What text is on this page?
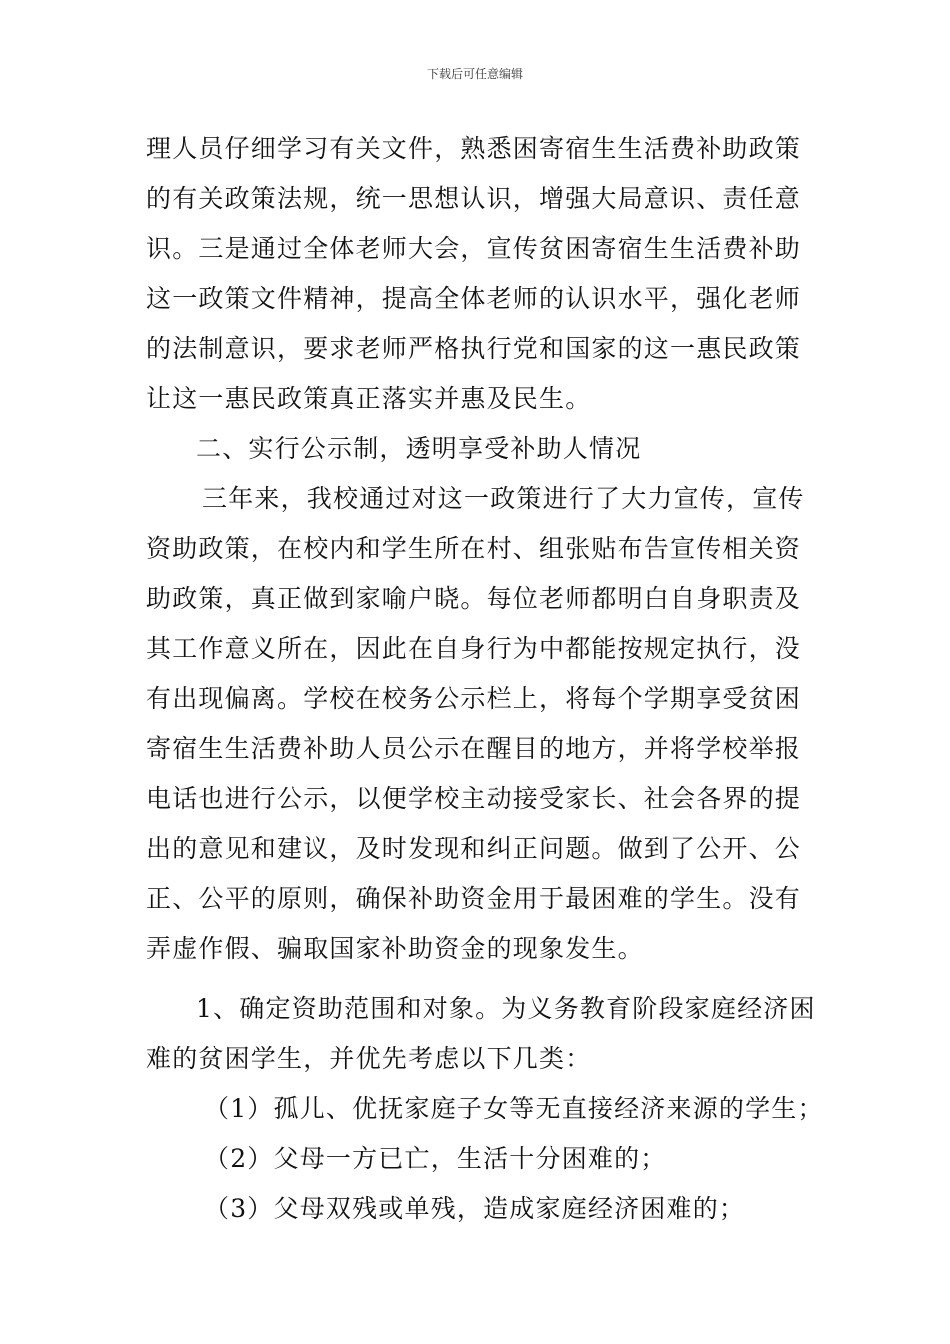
下载后可任意编辑
理人员仔细学习有关文件，熟悉困寄宿生生活费补助政策
的有关政策法规，统一思想认识，增强大局意识、责任意
识。三是通过全体老师大会，宣传贫困寄宿生生活费补助
这一政策文件精神，提高全体老师的认识水平，强化老师
的法制意识，要求老师严格执行党和国家的这一惠民政策
让这一惠民政策真正落实并惠及民生。
二、实行公示制，透明享受补助人情况
三年来，我校通过对这一政策进行了大力宣传，宣传
资助政策，在校内和学生所在村、组张贴布告宣传相关资
助政策，真正做到家喻户晓。每位老师都明白自身职责及
其工作意义所在，因此在自身行为中都能按规定执行，没
有出现偏离。学校在校务公示栏上，将每个学期享受贫困
寄宿生生活费补助人员公示在醒目的地方，并将学校举报
电话也进行公示，以便学校主动接受家长、社会各界的提
出的意见和建议，及时发现和纠正问题。做到了公开、公
正、公平的原则，确保补助资金用于最困难的学生。没有
弄虚作假、骗取国家补助资金的现象发生。
1、确定资助范围和对象。为义务教育阶段家庭经济困
难的贫困学生，并优先考虑以下几类：
（1）孤儿、优抚家庭子女等无直接经济来源的学生；
（2）父母一方已亡，生活十分困难的；
（3）父母双残或单残，造成家庭经济困难的；
